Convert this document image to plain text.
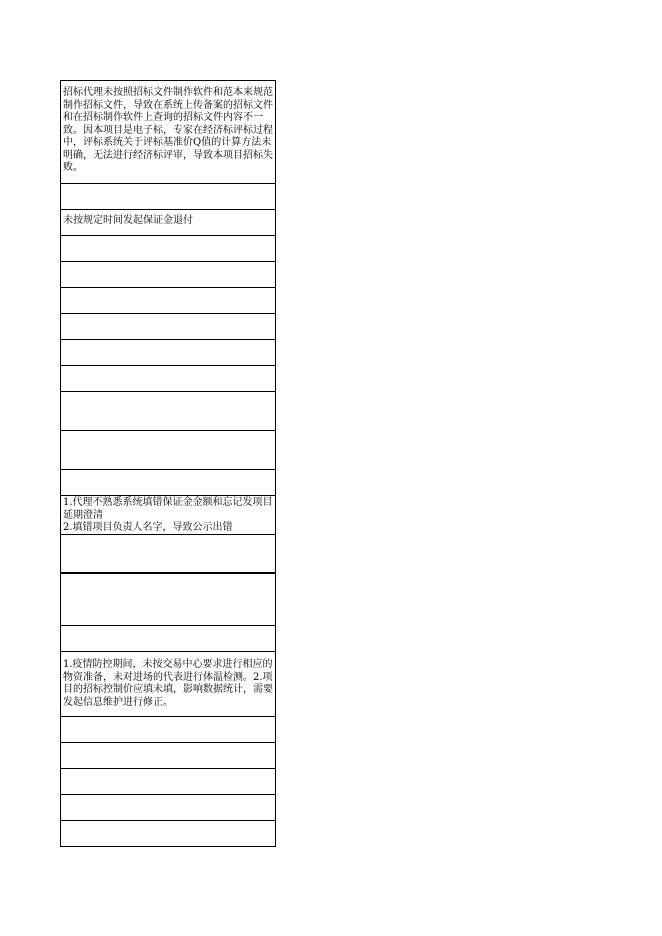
招标代理未按照招标文件制作软件和范本来规范制作招标文件，导致在系统上传备案的招标文件和在招标制作软件上查询的招标文件内容不一致。因本项目是电子标，专家在经济标评标过程中，评标系统关于评标基准价Q值的计算方法未明确，无法进行经济标评审，导致本项目招标失败。
未按规定时间发起保证金退付
1.代理不熟悉系统填错保证金金额和忘记发项目延期澄清
2.填错项目负责人名字，导致公示出错
1.疫情防控期间，未按交易中心要求进行相应的物资准备，未对进场的代表进行体温检测。2.项目的招标控制价应填未填，影响数据统计，需要发起信息维护进行修正。
